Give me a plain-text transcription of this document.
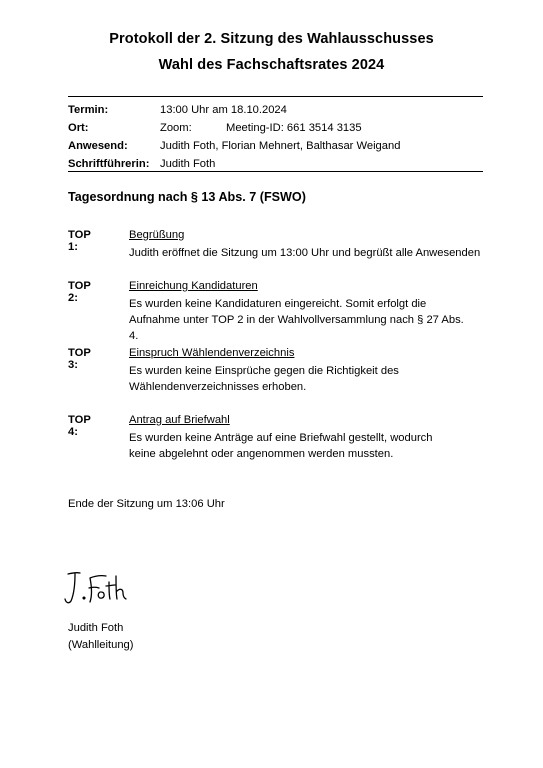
Protokoll der 2. Sitzung des Wahlausschusses
Wahl des Fachschaftsrates 2024
Termin:	13:00 Uhr am 18.10.2024
Ort:	Zoom:	Meeting-ID: 661 3514 3135
Anwesend:	Judith Foth, Florian Mehnert, Balthasar Weigand
Schriftführerin: Judith Foth
Tagesordnung nach § 13 Abs. 7 (FSWO)
TOP 1:
Begrüßung
Judith eröffnet die Sitzung um 13:00 Uhr und begrüßt alle Anwesenden
TOP 2:
Einreichung Kandidaturen
Es wurden keine Kandidaturen eingereicht. Somit erfolgt die Aufnahme unter TOP 2 in der Wahlvollversammlung nach § 27 Abs. 4.
TOP 3:
Einspruch Wählendenverzeichnis
Es wurden keine Einsprüche gegen die Richtigkeit des Wählendenverzeichnisses erhoben.
TOP 4:
Antrag auf Briefwahl
Es wurden keine Anträge auf eine Briefwahl gestellt, wodurch keine abgelehnt oder angenommen werden mussten.
Ende der Sitzung um 13:06 Uhr
Judith Foth
(Wahlleitung)
